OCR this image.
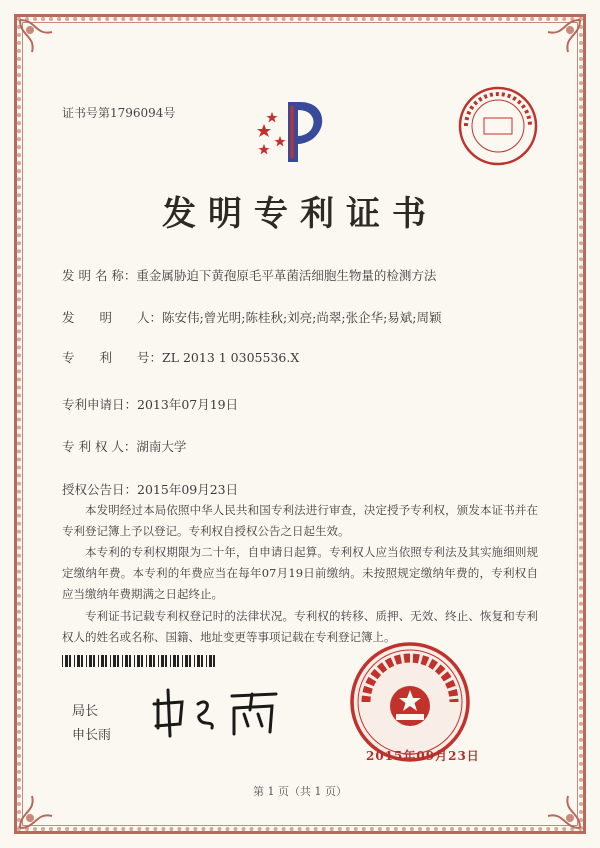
证书号第1796094号
发明专利证书
发 明 名 称：重金属胁迫下黄孢原毛平革菌活细胞生物量的检测方法
发　　明　　人：陈安伟;曾光明;陈桂秋;刘亮;尚翠;张企华;易斌;周颖
专　　利　　号：ZL 2013 1 0305536.X
专利申请日：2013年07月19日
专 利 权 人：湖南大学
授权公告日：2015年09月23日
本发明经过本局依照中华人民共和国专利法进行审查，决定授予专利权，颁发本证书并在专利登记簿上予以登记。专利权自授权公告之日起生效。
本专利的专利权期限为二十年，自申请日起算。专利权人应当依照专利法及其实施细则规定缴纳年费。本专利的年费应当在每年07月19日前缴纳。未按照规定缴纳年费的，专利权自应当缴纳年费期满之日起终止。
专利证书记载专利权登记时的法律状况。专利权的转移、质押、无效、终止、恢复和专利权人的姓名或名称、国籍、地址变更等事项记载在专利登记簿上。
局长
申长雨
2015年09月23日
第 1 页（共 1 页）
